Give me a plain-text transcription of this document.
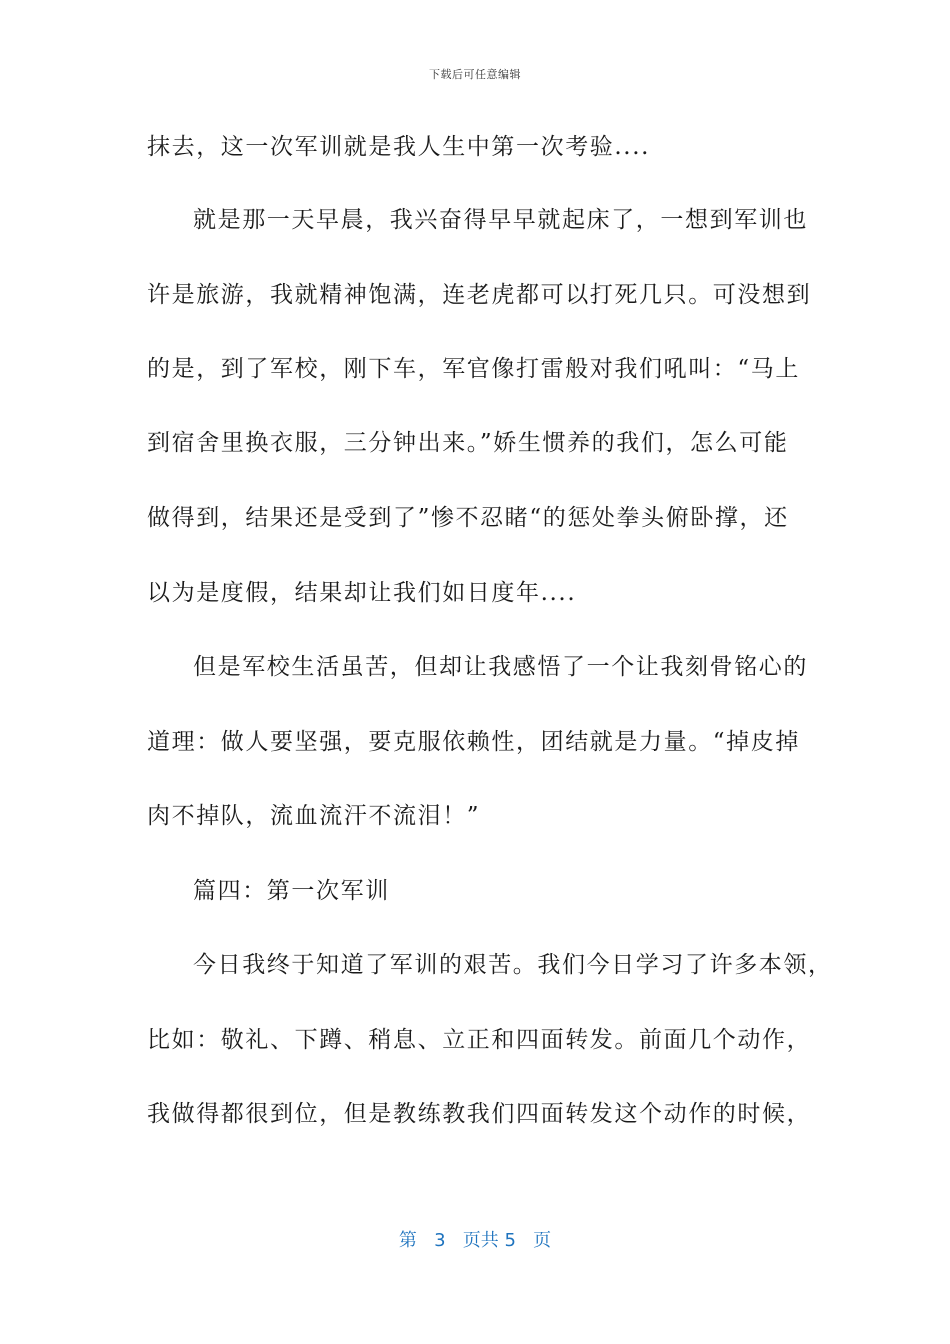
下载后可任意编辑
抹去，这一次军训就是我人生中第一次考验....
就是那一天早晨，我兴奋得早早就起床了，一想到军训也
许是旅游，我就精神饱满，连老虎都可以打死几只。可没想到
的是，到了军校，刚下车，军官像打雷般对我们吼叫：“马上
到宿舍里换衣服，三分钟出来。”娇生惯养的我们，怎么可能
做得到，结果还是受到了”惨不忍睹“的惩处拳头俯卧撑，还
以为是度假，结果却让我们如日度年....
但是军校生活虽苦，但却让我感悟了一个让我刻骨铭心的
道理：做人要坚强，要克服依赖性，团结就是力量。“掉皮掉
肉不掉队，流血流汗不流泪！”
篇四：第一次军训
今日我终于知道了军训的艰苦。我们今日学习了许多本领，
比如：敬礼、下蹲、稍息、立正和四面转发。前面几个动作，
我做得都很到位，但是教练教我们四面转发这个动作的时候，
第 3 页共 5 页
